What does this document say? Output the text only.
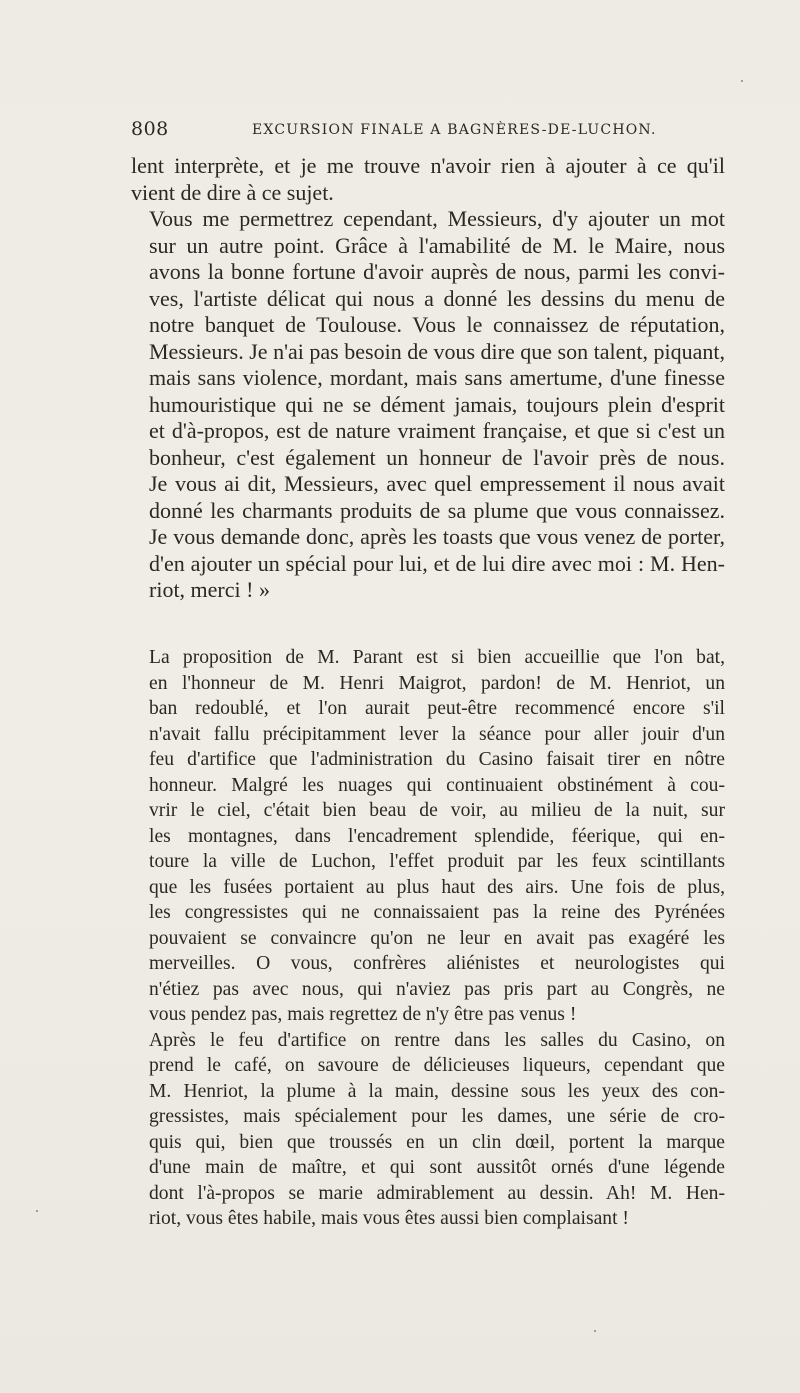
808	EXCURSION FINALE A BAGNÈRES-DE-LUCHON.

lent interprète, et je me trouve n'avoir rien à ajouter à ce qu'il
vient de dire à ce sujet.

Vous me permettrez cependant, Messieurs, d'y ajouter un mot
sur un autre point. Grâce à l'amabilité de M. le Maire, nous
avons la bonne fortune d'avoir auprès de nous, parmi les convi-
ves, l'artiste délicat qui nous a donné les dessins du menu de
notre banquet de Toulouse. Vous le connaissez de réputation,
Messieurs. Je n'ai pas besoin de vous dire que son talent, piquant,
mais sans violence, mordant, mais sans amertume, d'une finesse
humouristique qui ne se dément jamais, toujours plein d'esprit
et d'à-propos, est de nature vraiment française, et que si c'est un
bonheur, c'est également un honneur de l'avoir près de nous.
Je vous ai dit, Messieurs, avec quel empressement il nous avait
donné les charmants produits de sa plume que vous connaissez.
Je vous demande donc, après les toasts que vous venez de porter,
d'en ajouter un spécial pour lui, et de lui dire avec moi : M. Hen-
riot, merci ! »

La proposition de M. Parant est si bien accueillie que l'on bat,
en l'honneur de M. Henri Maigrot, pardon! de M. Henriot, un
ban redoublé, et l'on aurait peut-être recommencé encore s'il
n'avait fallu précipitamment lever la séance pour aller jouir d'un
feu d'artifice que l'administration du Casino faisait tirer en nôtre
honneur. Malgré les nuages qui continuaient obstinément à cou-
vrir le ciel, c'était bien beau de voir, au milieu de la nuit, sur
les montagnes, dans l'encadrement splendide, féerique, qui en-
toure la ville de Luchon, l'effet produit par les feux scintillants
que les fusées portaient au plus haut des airs. Une fois de plus,
les congressistes qui ne connaissaient pas la reine des Pyrénées
pouvaient se convaincre qu'on ne leur en avait pas exagéré les
merveilles. O vous, confrères aliénistes et neurologistes qui
n'étiez pas avec nous, qui n'aviez pas pris part au Congrès, ne
vous pendez pas, mais regrettez de n'y être pas venus !

Après le feu d'artifice on rentre dans les salles du Casino, on
prend le café, on savoure de délicieuses liqueurs, cependant que
M. Henriot, la plume à la main, dessine sous les yeux des con-
gressistes, mais spécialement pour les dames, une série de cro-
quis qui, bien que troussés en un clin dœil, portent la marque
d'une main de maître, et qui sont aussitôt ornés d'une légende
dont l'à-propos se marie admirablement au dessin. Ah! M. Hen-
riot, vous êtes habile, mais vous êtes aussi bien complaisant !
